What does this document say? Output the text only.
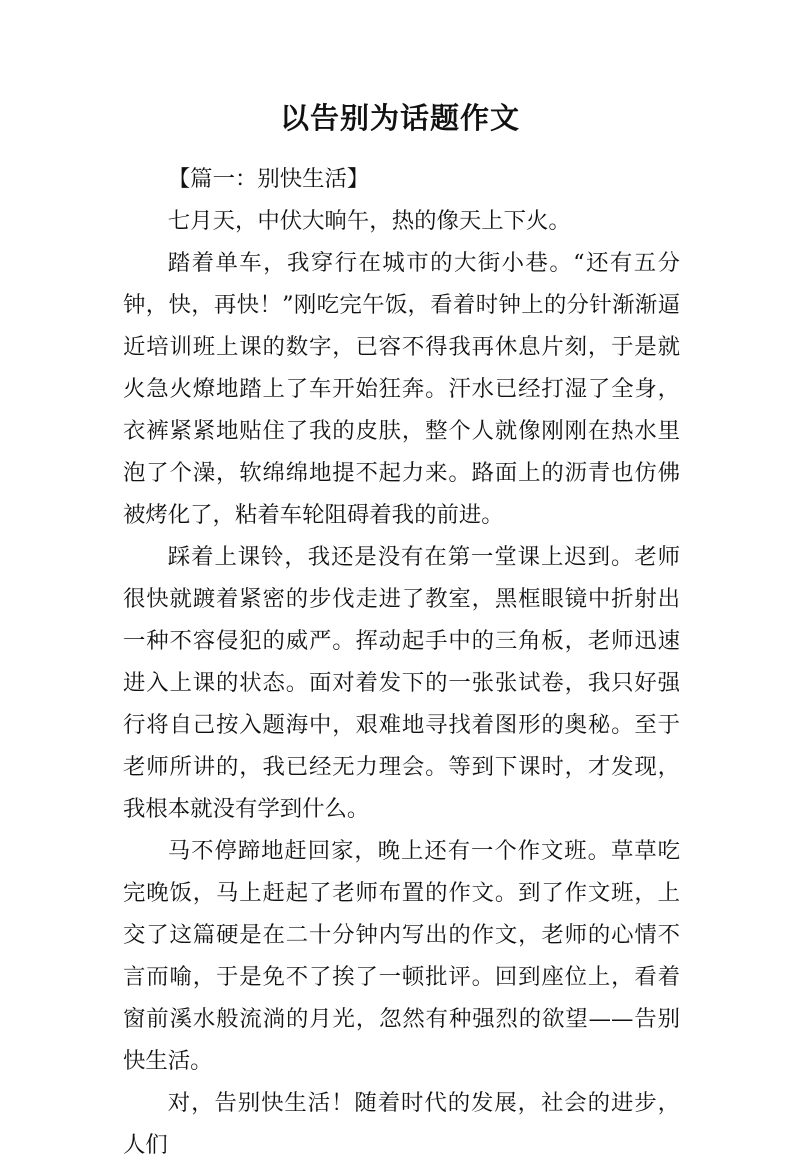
以告别为话题作文

【篇一：别快生活】

七月天，中伏大晌午，热的像天上下火。

踏着单车，我穿行在城市的大街小巷。“还有五分钟，快，再快！”刚吃完午饭，看着时钟上的分针渐渐逼近培训班上课的数字，已容不得我再休息片刻，于是就火急火燎地踏上了车开始狂奔。汗水已经打湿了全身，衣裤紧紧地贴住了我的皮肤，整个人就像刚刚在热水里泡了个澡，软绵绵地提不起力来。路面上的沥青也仿佛被烤化了，粘着车轮阻碍着我的前进。

踩着上课铃，我还是没有在第一堂课上迟到。老师很快就踱着紧密的步伐走进了教室，黑框眼镜中折射出一种不容侵犯的威严。挥动起手中的三角板，老师迅速进入上课的状态。面对着发下的一张张试卷，我只好强行将自己按入题海中，艰难地寻找着图形的奥秘。至于老师所讲的，我已经无力理会。等到下课时，才发现，我根本就没有学到什么。

马不停蹄地赶回家，晚上还有一个作文班。草草吃完晚饭，马上赶起了老师布置的作文。到了作文班，上交了这篇硬是在二十分钟内写出的作文，老师的心情不言而喻，于是免不了挨了一顿批评。回到座位上，看着窗前溪水般流淌的月光，忽然有种强烈的欲望——告别快生活。

对，告别快生活！随着时代的发展，社会的进步，人们
